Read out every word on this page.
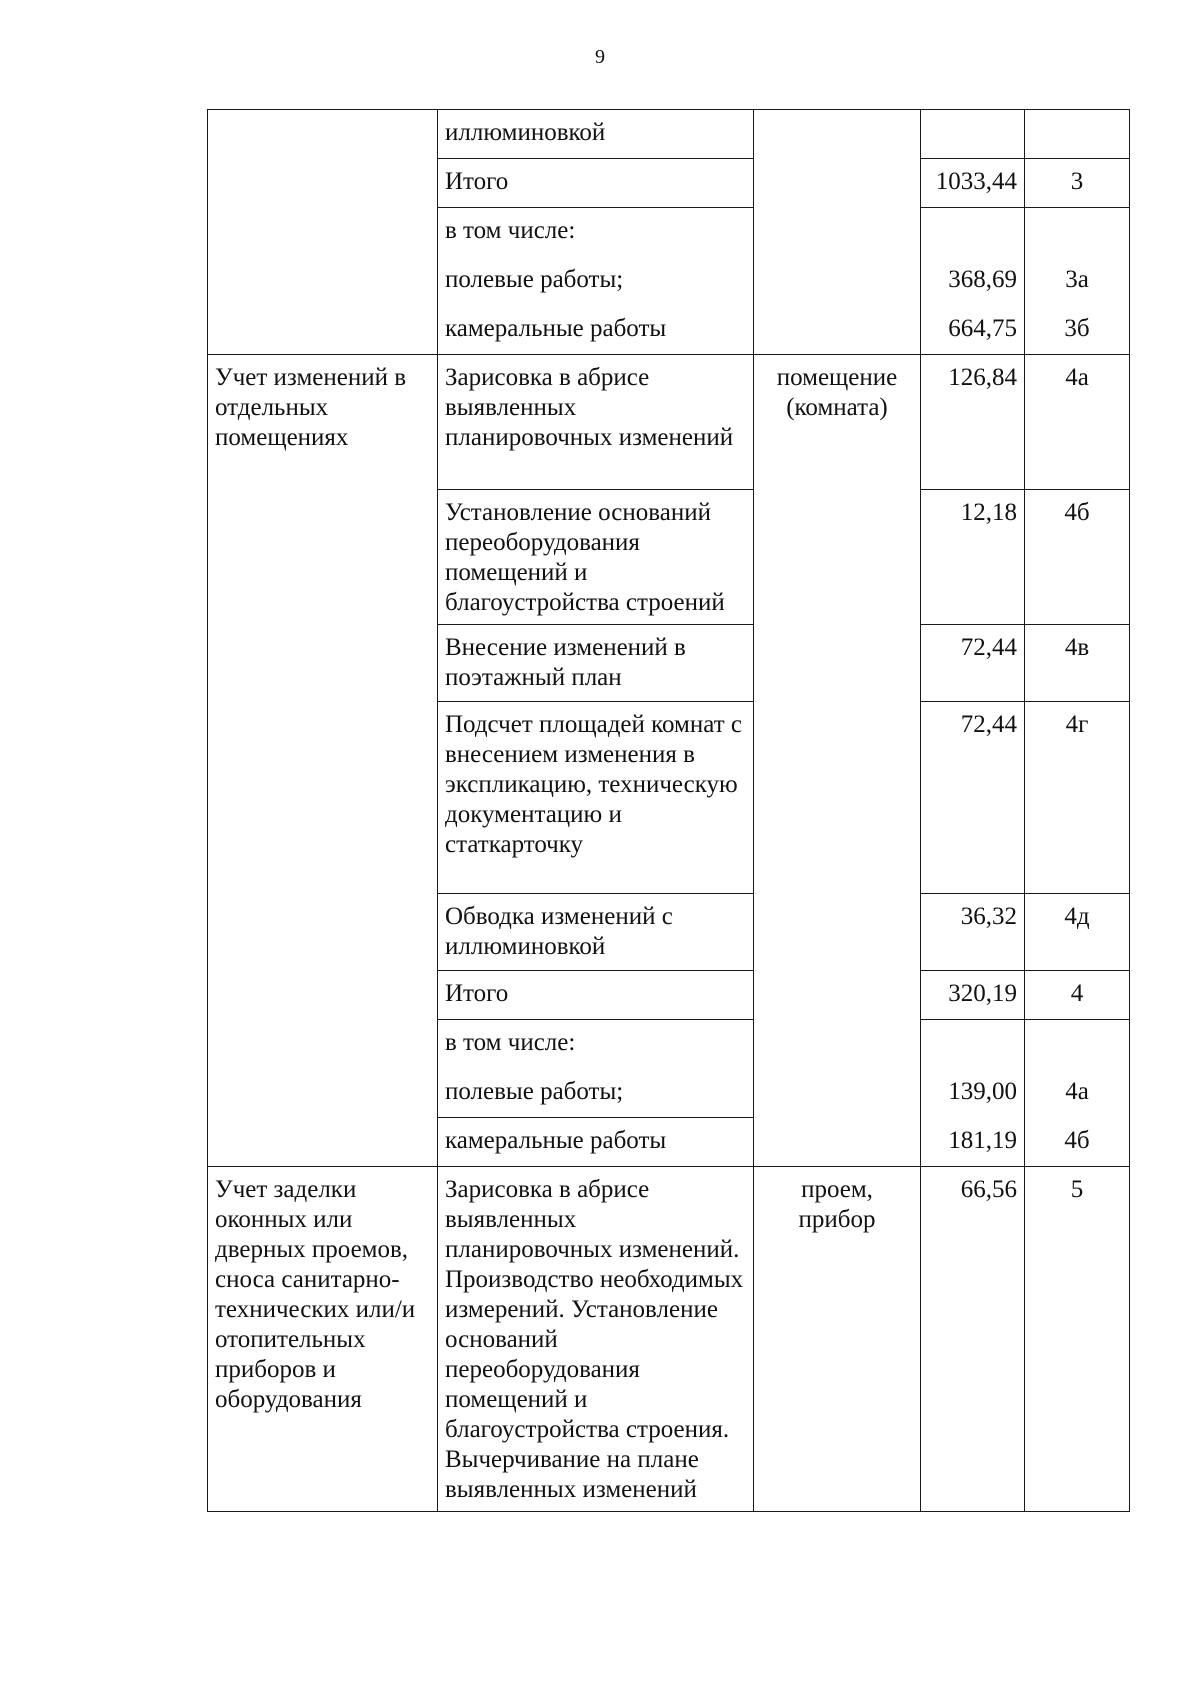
9
	иллюминовкой			
	Итого		1033,44	3
	в том числе:			
	полевые работы;		368,69	3а
	камеральные работы		664,75	3б
Учет изменений в отдельных помещениях	Зарисовка в абрисе выявленных планировочных изменений	помещение (комната)	126,84	4а
	Установление оснований переоборудования помещений и благоустройства строений		12,18	4б
	Внесение изменений в поэтажный план		72,44	4в
	Подсчет площадей комнат с внесением изменения в экспликацию, техническую документацию и статкарточку		72,44	4г
	Обводка изменений с иллюминовкой		36,32	4д
	Итого		320,19	4
	в том числе:			
	полевые работы;		139,00	4а
	камеральные работы		181,19	4б
Учет заделки оконных или дверных проемов, сноса санитарно-технических или/и отопительных приборов и оборудования	Зарисовка в абрисе выявленных планировочных изменений. Производство необходимых измерений. Установление оснований переоборудования помещений и благоустройства строения. Вычерчивание на плане выявленных изменений	проем, прибор	66,56	5
